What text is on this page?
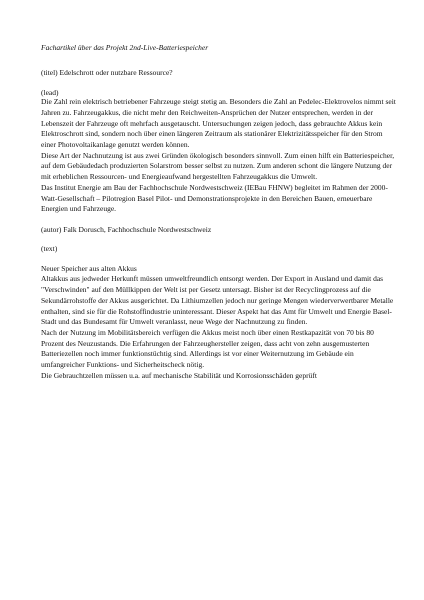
Fachartikel über das Projekt 2nd-Live-Batteriespeicher

(titel) Edelschrott oder nutzbare Ressource?

(lead)

Die Zahl rein elektrisch betriebener Fahrzeuge steigt stetig an. Besonders die Zahl an Pedelec-Elektrovelos nimmt seit Jahren zu. Fahrzeugakkus, die nicht mehr den Reichweiten-Ansprüchen der Nutzer entsprechen, werden in der Lebenszeit der Fahrzeuge oft mehrfach ausgetauscht. Untersuchungen zeigen jedoch, dass gebrauchte Akkus kein Elektroschrott sind, sondern noch über einen längeren Zeitraum als stationärer Elektrizitätsspeicher für den Strom einer Photovoltaikanlage genutzt werden können.

Diese Art der Nachnutzung ist aus zwei Gründen ökologisch besonders sinnvoll. Zum einen hilft ein Batteriespeicher, auf dem Gebäudedach produzierten Solarstrom besser selbst zu nutzen. Zum anderen schont die längere Nutzung der mit erheblichen Ressourcen- und Energieaufwand hergestellten Fahrzeugakkus die Umwelt.

Das Institut Energie am Bau der Fachhochschule Nordwestschweiz (IEBau FHNW) begleitet im Rahmen der 2000-Watt-Gesellschaft – Pilotregion Basel Pilot- und Demonstrationsprojekte in den Bereichen Bauen, erneuerbare Energien und Fahrzeuge.

(autor) Falk Dorusch, Fachhochschule Nordwestschweiz

(text)

Neuer Speicher aus alten Akkus

Altakkus aus jedweder Herkunft müssen umweltfreundlich entsorgt werden. Der Export in Ausland und damit das "Verschwinden" auf den Müllkippen der Welt ist per Gesetz untersagt. Bisher ist der Recyclingprozess auf die Sekundärrohstoffe der Akkus ausgerichtet. Da Lithiumzellen jedoch nur geringe Mengen wiederverwertbarer Metalle enthalten, sind sie für die Rohstoffindustrie uninteressant. Dieser Aspekt hat das Amt für Umwelt und Energie Basel-Stadt und das Bundesamt für Umwelt veranlasst, neue Wege der Nachnutzung zu finden.

Nach der Nutzung im Mobilitätsbereich verfügen die Akkus meist noch über einen Restkapazität von 70 bis 80 Prozent des Neuzustands. Die Erfahrungen der Fahrzeughersteller zeigen, dass acht von zehn ausgemusterten Batteriezellen noch immer funktionstüchtig sind. Allerdings ist vor einer Weiternutzung im Gebäude ein umfangreicher Funktions- und Sicherheitscheck nötig.

Die Gebrauchtzellen müssen u.a. auf mechanische Stabilität und Korrosionsschäden geprüft
